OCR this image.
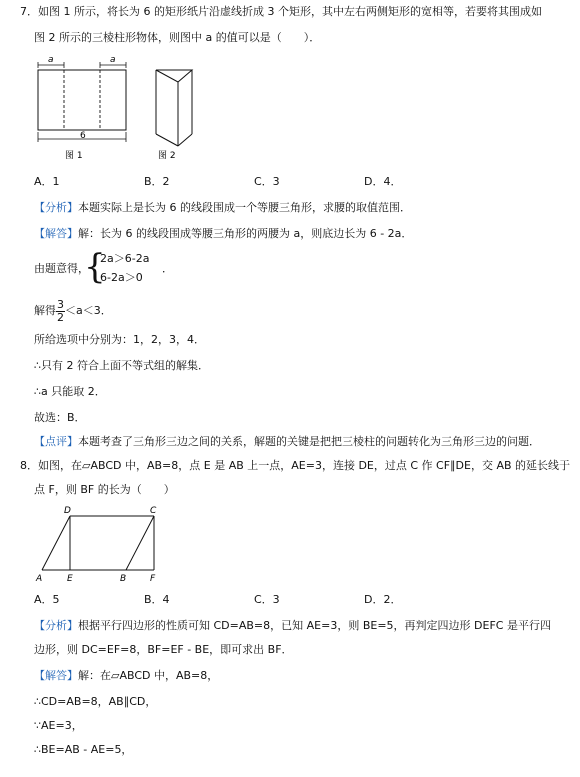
7．如图 1 所示，将长为 6 的矩形纸片沿虚线折成 3 个矩形，其中左右两侧矩形的宽相等，若要将其围成如
图 2 所示的三棱柱形物体，则图中 a 的值可以是（　　）．
a	a
6
图 1	图 2
A．1	B．2	C．3	D．4．
【分析】本题实际上是长为 6 的线段围成一个等腰三角形，求腰的取值范围．
【解答】解：长为 6 的线段围成等腰三角形的两腰为 a，则底边长为 6 - 2a．
由题意得，
{
2a＞6-2a
6-2a＞0
．
解得 $\frac{3}{2} <a<3$．
所给选项中分别为：1，2，3，4．
∴只有 2 符合上面不等式组的解集．
∴a 只能取 2．
故选：B．
【点评】本题考查了三角形三边之间的关系，解题的关键是把把三棱柱的问题转化为三角形三边的问题．
8．如图，在▱ABCD 中，AB=8，点 E 是 AB 上一点，AE=3，连接 DE，过点 C 作 CF∥DE，交 AB 的延长线于
点 F，则 BF 的长为（　　）
D	C
A	E	B	F
A．5	B．4	C．3	D．2．
【分析】根据平行四边形的性质可知 CD=AB=8，已知 AE=3，则 BE=5，再判定四边形 DEFC 是平行四
边形，则 DC=EF=8，BF=EF - BE，即可求出 BF．
【解答】解：在▱ABCD 中，AB=8，
∴CD=AB=8，AB∥CD，
∵AE=3，
∴BE=AB - AE=5，
